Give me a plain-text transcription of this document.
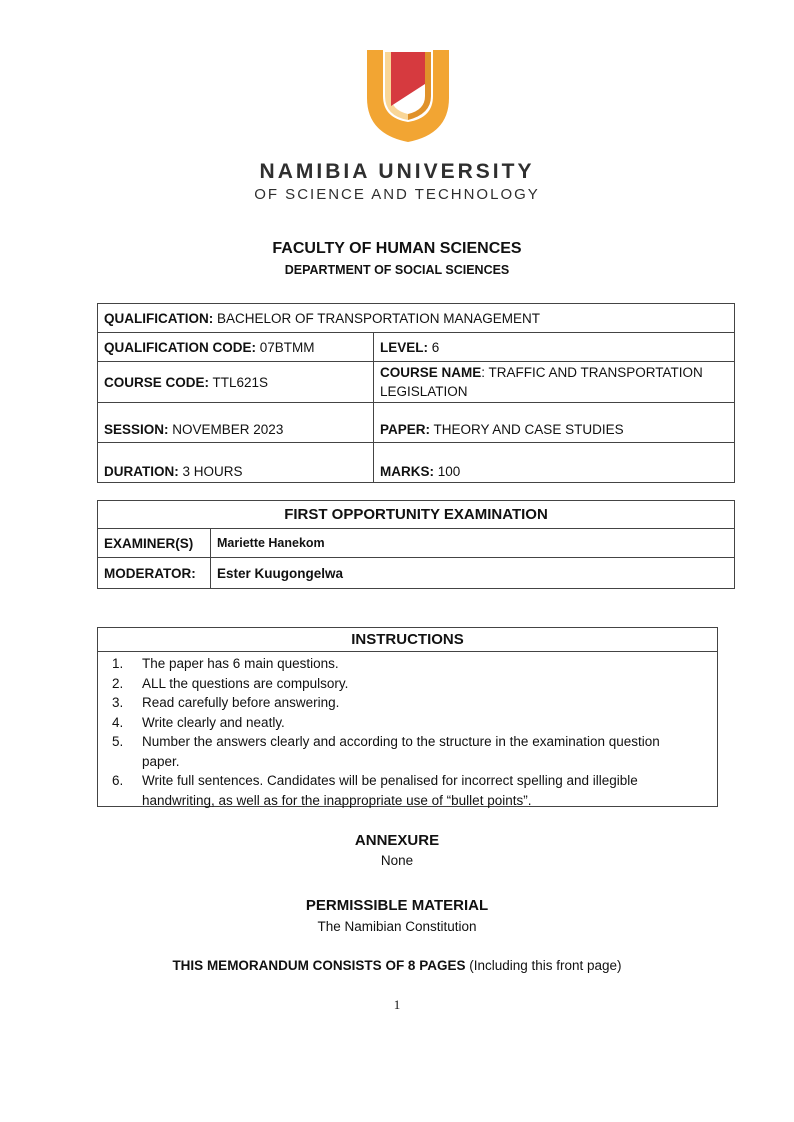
NAMIBIA UNIVERSITY
OF SCIENCE AND TECHNOLOGY
FACULTY OF HUMAN SCIENCES
DEPARTMENT OF SOCIAL SCIENCES
QUALIFICATION: BACHELOR OF TRANSPORTATION MANAGEMENT	
QUALIFICATION CODE: 07BTMM	LEVEL: 6
COURSE CODE: TTL621S	COURSE NAME: TRAFFIC AND TRANSPORTATION LEGISLATION
SESSION: NOVEMBER 2023	PAPER: THEORY AND CASE STUDIES
DURATION: 3 HOURS	MARKS: 100
FIRST OPPORTUNITY EXAMINATION	
EXAMINER(S)	Mariette Hanekom
MODERATOR:	Ester Kuugongelwa
INSTRUCTIONS
1.	The paper has 6 main questions.
2.	ALL the questions are compulsory.
3.	Read carefully before answering.
4.	Write clearly and neatly.
5.	Number the answers clearly and according to the structure in the examination question paper.
6.	Write full sentences. Candidates will be penalised for incorrect spelling and illegible handwriting, as well as for the inappropriate use of “bullet points”.
ANNEXURE
None
PERMISSIBLE MATERIAL
The Namibian Constitution
THIS MEMORANDUM CONSISTS OF 8 PAGES (Including this front page)
1
